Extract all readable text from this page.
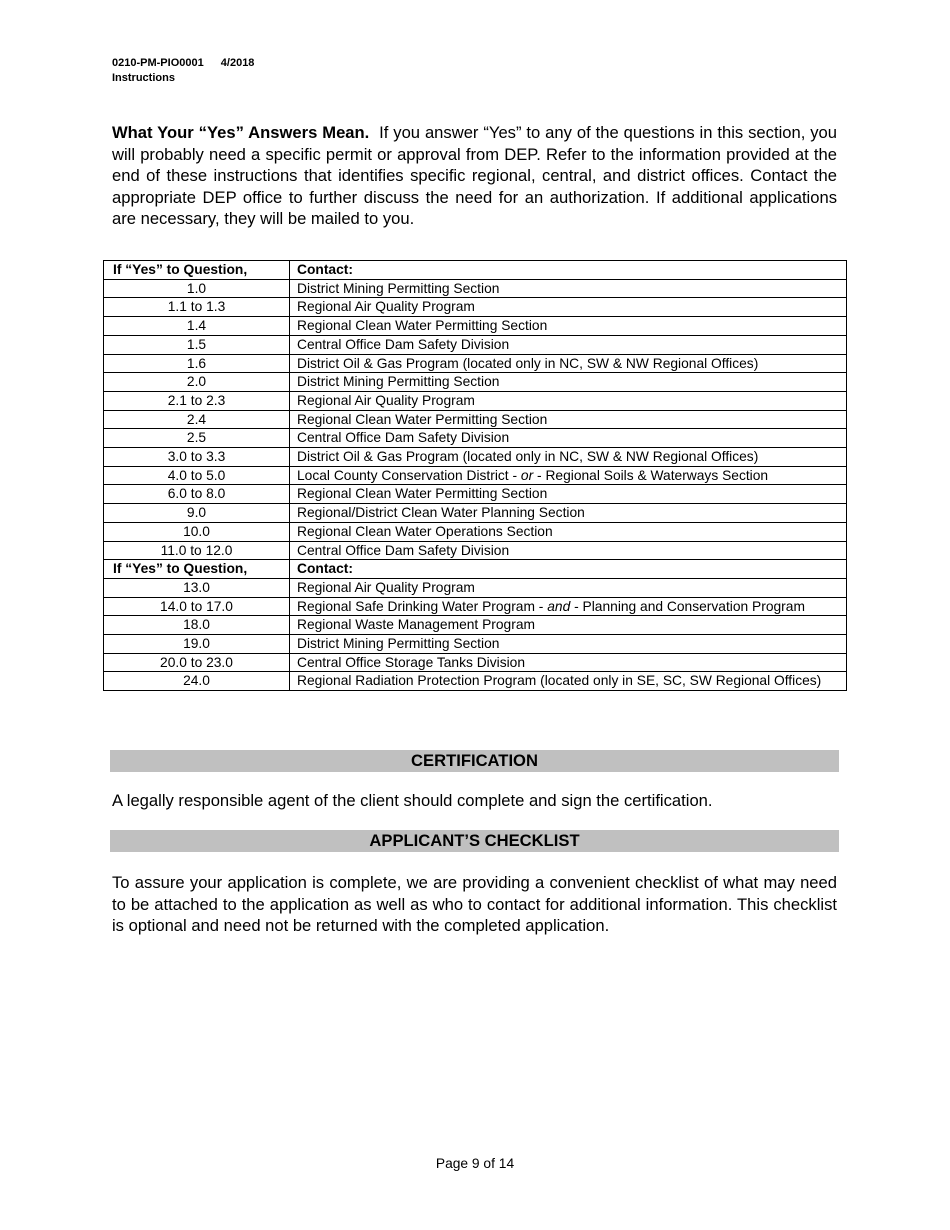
0210-PM-PIO0001 4/2018
Instructions
What Your “Yes” Answers Mean. If you answer “Yes” to any of the questions in this section, you will probably need a specific permit or approval from DEP. Refer to the information provided at the end of these instructions that identifies specific regional, central, and district offices. Contact the appropriate DEP office to further discuss the need for an authorization. If additional applications are necessary, they will be mailed to you.
If “Yes” to Question,	Contact:
1.0	District Mining Permitting Section
1.1 to 1.3	Regional Air Quality Program
1.4	Regional Clean Water Permitting Section
1.5	Central Office Dam Safety Division
1.6	District Oil & Gas Program (located only in NC, SW & NW Regional Offices)
2.0	District Mining Permitting Section
2.1 to 2.3	Regional Air Quality Program
2.4	Regional Clean Water Permitting Section
2.5	Central Office Dam Safety Division
3.0 to 3.3	District Oil & Gas Program (located only in NC, SW & NW Regional Offices)
4.0 to 5.0	Local County Conservation District - or - Regional Soils & Waterways Section
6.0 to 8.0	Regional Clean Water Permitting Section
9.0	Regional/District Clean Water Planning Section
10.0	Regional Clean Water Operations Section
11.0 to 12.0	Central Office Dam Safety Division
If “Yes” to Question,	Contact:
13.0	Regional Air Quality Program
14.0 to 17.0	Regional Safe Drinking Water Program - and - Planning and Conservation Program
18.0	Regional Waste Management Program
19.0	District Mining Permitting Section
20.0 to 23.0	Central Office Storage Tanks Division
24.0	Regional Radiation Protection Program (located only in SE, SC, SW Regional Offices)
CERTIFICATION
A legally responsible agent of the client should complete and sign the certification.
APPLICANT’S CHECKLIST
To assure your application is complete, we are providing a convenient checklist of what may need to be attached to the application as well as who to contact for additional information. This checklist is optional and need not be returned with the completed application.
Page 9 of 14
